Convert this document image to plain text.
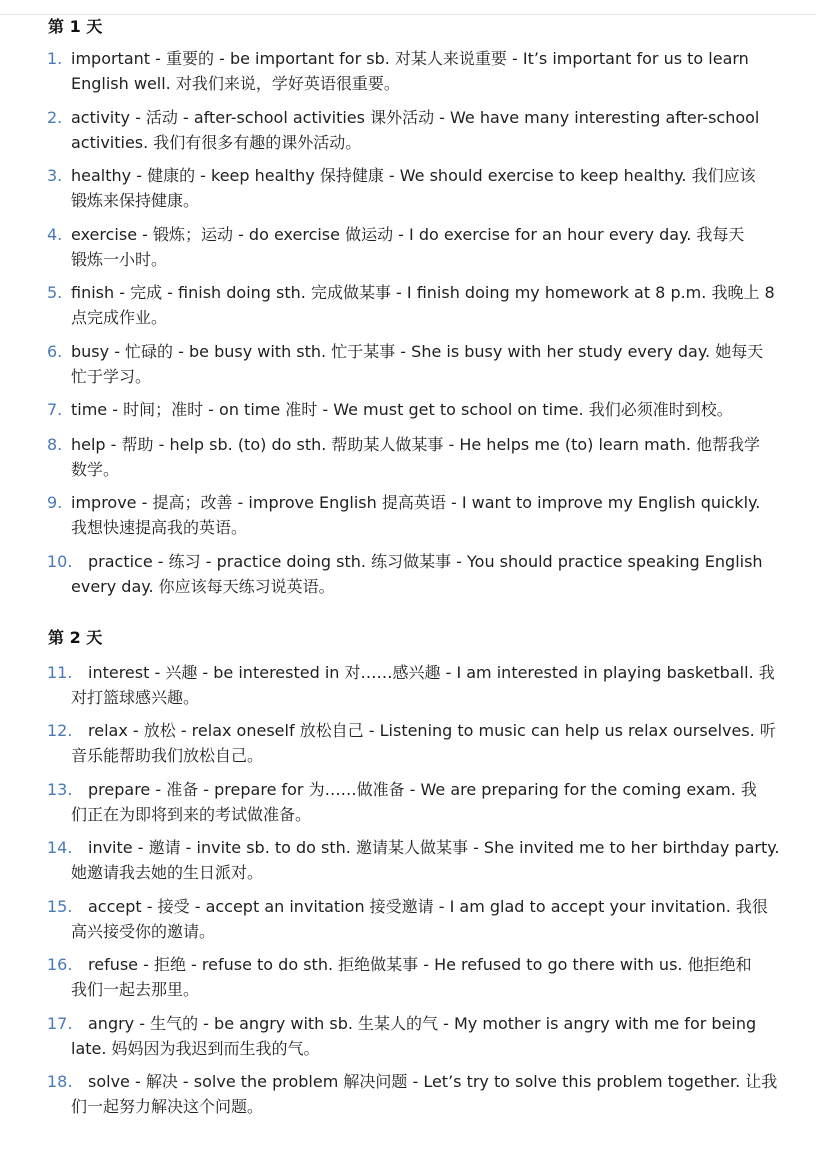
第 1 天
1. important - 重要的 - be important for sb. 对某人来说重要 - It’s important for us to learn
English well. 对我们来说，学好英语很重要。
2. activity - 活动 - after-school activities 课外活动 - We have many interesting after-school
activities. 我们有很多有趣的课外活动。
3. healthy - 健康的 - keep healthy 保持健康 - We should exercise to keep healthy. 我们应该
锻炼来保持健康。
4. exercise - 锻炼；运动 - do exercise 做运动 - I do exercise for an hour every day. 我每天
锻炼一小时。
5. finish - 完成 - finish doing sth. 完成做某事 - I finish doing my homework at 8 p.m. 我晚上 8
点完成作业。
6. busy - 忙碌的 - be busy with sth. 忙于某事 - She is busy with her study every day. 她每天
忙于学习。
7. time - 时间；准时 - on time 准时 - We must get to school on time. 我们必须准时到校。
8. help - 帮助 - help sb. (to) do sth. 帮助某人做某事 - He helps me (to) learn math. 他帮我学
数学。
9. improve - 提高；改善 - improve English 提高英语 - I want to improve my English quickly.
我想快速提高我的英语。
10. practice - 练习 - practice doing sth. 练习做某事 - You should practice speaking English
every day. 你应该每天练习说英语。
第 2 天
11. interest - 兴趣 - be interested in 对……感兴趣 - I am interested in playing basketball. 我
对打篮球感兴趣。
12. relax - 放松 - relax oneself 放松自己 - Listening to music can help us relax ourselves. 听
音乐能帮助我们放松自己。
13. prepare - 准备 - prepare for 为……做准备 - We are preparing for the coming exam. 我
们正在为即将到来的考试做准备。
14. invite - 邀请 - invite sb. to do sth. 邀请某人做某事 - She invited me to her birthday party.
她邀请我去她的生日派对。
15. accept - 接受 - accept an invitation 接受邀请 - I am glad to accept your invitation. 我很
高兴接受你的邀请。
16. refuse - 拒绝 - refuse to do sth. 拒绝做某事 - He refused to go there with us. 他拒绝和
我们一起去那里。
17. angry - 生气的 - be angry with sb. 生某人的气 - My mother is angry with me for being
late. 妈妈因为我迟到而生我的气。
18. solve - 解决 - solve the problem 解决问题 - Let’s try to solve this problem together. 让我
们一起努力解决这个问题。
